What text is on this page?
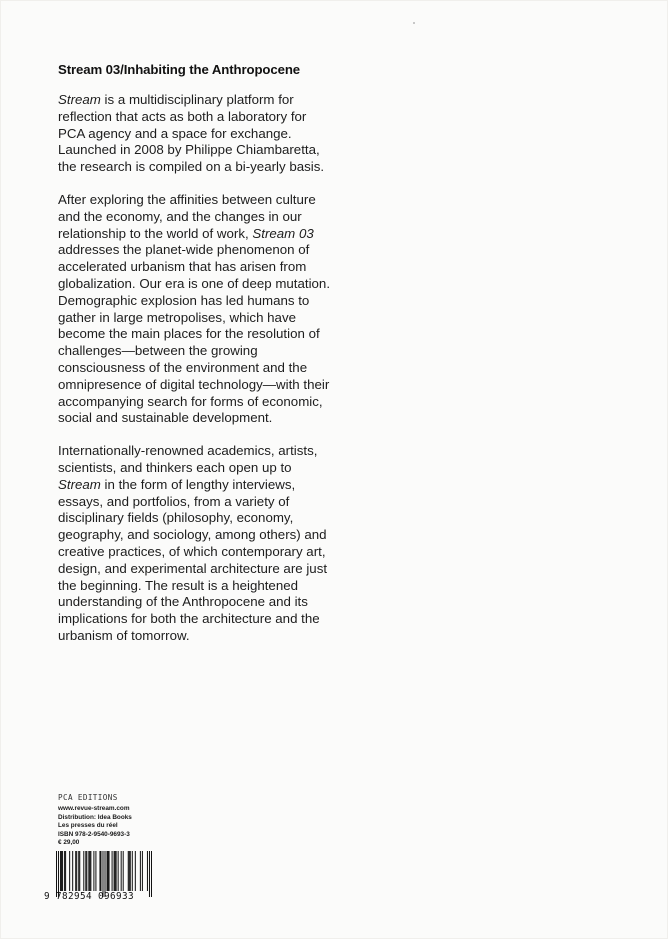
Stream 03/Inhabiting the Anthropocene

Stream is a multidisciplinary platform for reflection that acts as both a laboratory for PCA agency and a space for exchange. Launched in 2008 by Philippe Chiambaretta, the research is compiled on a bi-yearly basis.

After exploring the affinities between culture and the economy, and the changes in our relationship to the world of work, Stream 03 addresses the planet-wide phenomenon of accelerated urbanism that has arisen from globalization. Our era is one of deep mutation. Demographic explosion has led humans to gather in large metropolises, which have become the main places for the resolution of challenges—between the growing consciousness of the environment and the omnipresence of digital technology—with their accompanying search for forms of economic, social and sustainable development.

Internationally-renowned academics, artists, scientists, and thinkers each open up to Stream in the form of lengthy interviews, essays, and portfolios, from a variety of disciplinary fields (philosophy, economy, geography, and sociology, among others) and creative practices, of which contemporary art, design, and experimental architecture are just the beginning. The result is a heightened understanding of the Anthropocene and its implications for both the architecture and the urbanism of tomorrow.

PCA EDITIONS
www.revue-stream.com
Distribution: Idea Books
Les presses du réel
ISBN 978-2-9540-9693-3
€ 29,00
9 782954 096933
